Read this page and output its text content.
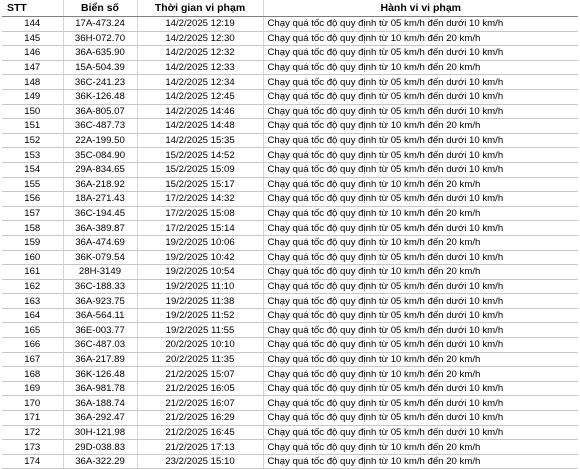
STT	Biển số	Thời gian vi phạm	Hành vi vi phạm
144	17A-473.24	14/2/2025 12:19	Chạy quá tốc độ quy định từ 05 km/h đến dưới 10 km/h
145	36H-072.70	14/2/2025 12:30	Chạy quá tốc độ quy định từ 10 km/h đến 20 km/h
146	36A-635.90	14/2/2025 12:32	Chạy quá tốc độ quy định từ 05 km/h đến dưới 10 km/h
147	15A-504.39	14/2/2025 12:33	Chạy quá tốc độ quy định từ 10 km/h đến 20 km/h
148	36C-241.23	14/2/2025 12:34	Chạy quá tốc độ quy định từ 05 km/h đến dưới 10 km/h
149	36K-126.48	14/2/2025 12:45	Chạy quá tốc độ quy định từ 05 km/h đến dưới 10 km/h
150	36A-805.07	14/2/2025 14:46	Chạy quá tốc độ quy định từ 05 km/h đến dưới 10 km/h
151	36C-487.73	14/2/2025 14:48	Chạy quá tốc độ quy định từ 10 km/h đến 20 km/h
152	22A-199.50	14/2/2025 15:35	Chạy quá tốc độ quy định từ 05 km/h đến dưới 10 km/h
153	35C-084.90	15/2/2025 14:52	Chạy quá tốc độ quy định từ 05 km/h đến dưới 10 km/h
154	29A-834.65	15/2/2025 15:09	Chạy quá tốc độ quy định từ 05 km/h đến dưới 10 km/h
155	36A-218.92	15/2/2025 15:17	Chạy quá tốc độ quy định từ 10 km/h đến 20 km/h
156	18A-271.43	17/2/2025 14:32	Chạy quá tốc độ quy định từ 05 km/h đến dưới 10 km/h
157	36C-194.45	17/2/2025 15:08	Chạy quá tốc độ quy định từ 10 km/h đến 20 km/h
158	36A-389.87	17/2/2025 15:14	Chạy quá tốc độ quy định từ 05 km/h đến dưới 10 km/h
159	36A-474.69	19/2/2025 10:06	Chạy quá tốc độ quy định từ 10 km/h đến 20 km/h
160	36K-079.54	19/2/2025 10:42	Chạy quá tốc độ quy định từ 05 km/h đến dưới 10 km/h
161	28H-3149	19/2/2025 10:54	Chạy quá tốc độ quy định từ 10 km/h đến 20 km/h
162	36C-188.33	19/2/2025 11:10	Chạy quá tốc độ quy định từ 05 km/h đến dưới 10 km/h
163	36A-923.75	19/2/2025 11:38	Chạy quá tốc độ quy định từ 05 km/h đến dưới 10 km/h
164	36A-564.11	19/2/2025 11:52	Chạy quá tốc độ quy định từ 05 km/h đến dưới 10 km/h
165	36E-003.77	19/2/2025 11:55	Chạy quá tốc độ quy định từ 05 km/h đến dưới 10 km/h
166	36C-487.03	20/2/2025 10:10	Chạy quá tốc độ quy định từ 05 km/h đến dưới 10 km/h
167	36A-217.89	20/2/2025 11:35	Chạy quá tốc độ quy định từ 10 km/h đến 20 km/h
168	36K-126.48	21/2/2025 15:07	Chạy quá tốc độ quy định từ 10 km/h đến 20 km/h
169	36A-981.78	21/2/2025 16:05	Chạy quá tốc độ quy định từ 05 km/h đến dưới 10 km/h
170	36A-188.74	21/2/2025 16:07	Chạy quá tốc độ quy định từ 05 km/h đến dưới 10 km/h
171	36A-292.47	21/2/2025 16:29	Chạy quá tốc độ quy định từ 05 km/h đến dưới 10 km/h
172	30H-121.98	21/2/2025 16:45	Chạy quá tốc độ quy định từ 05 km/h đến dưới 10 km/h
173	29D-038.83	21/2/2025 17:13	Chạy quá tốc độ quy định từ 10 km/h đến 20 km/h
174	36A-322.29	23/2/2025 15:10	Chạy quá tốc độ quy định từ 10 km/h đến 20 km/h
